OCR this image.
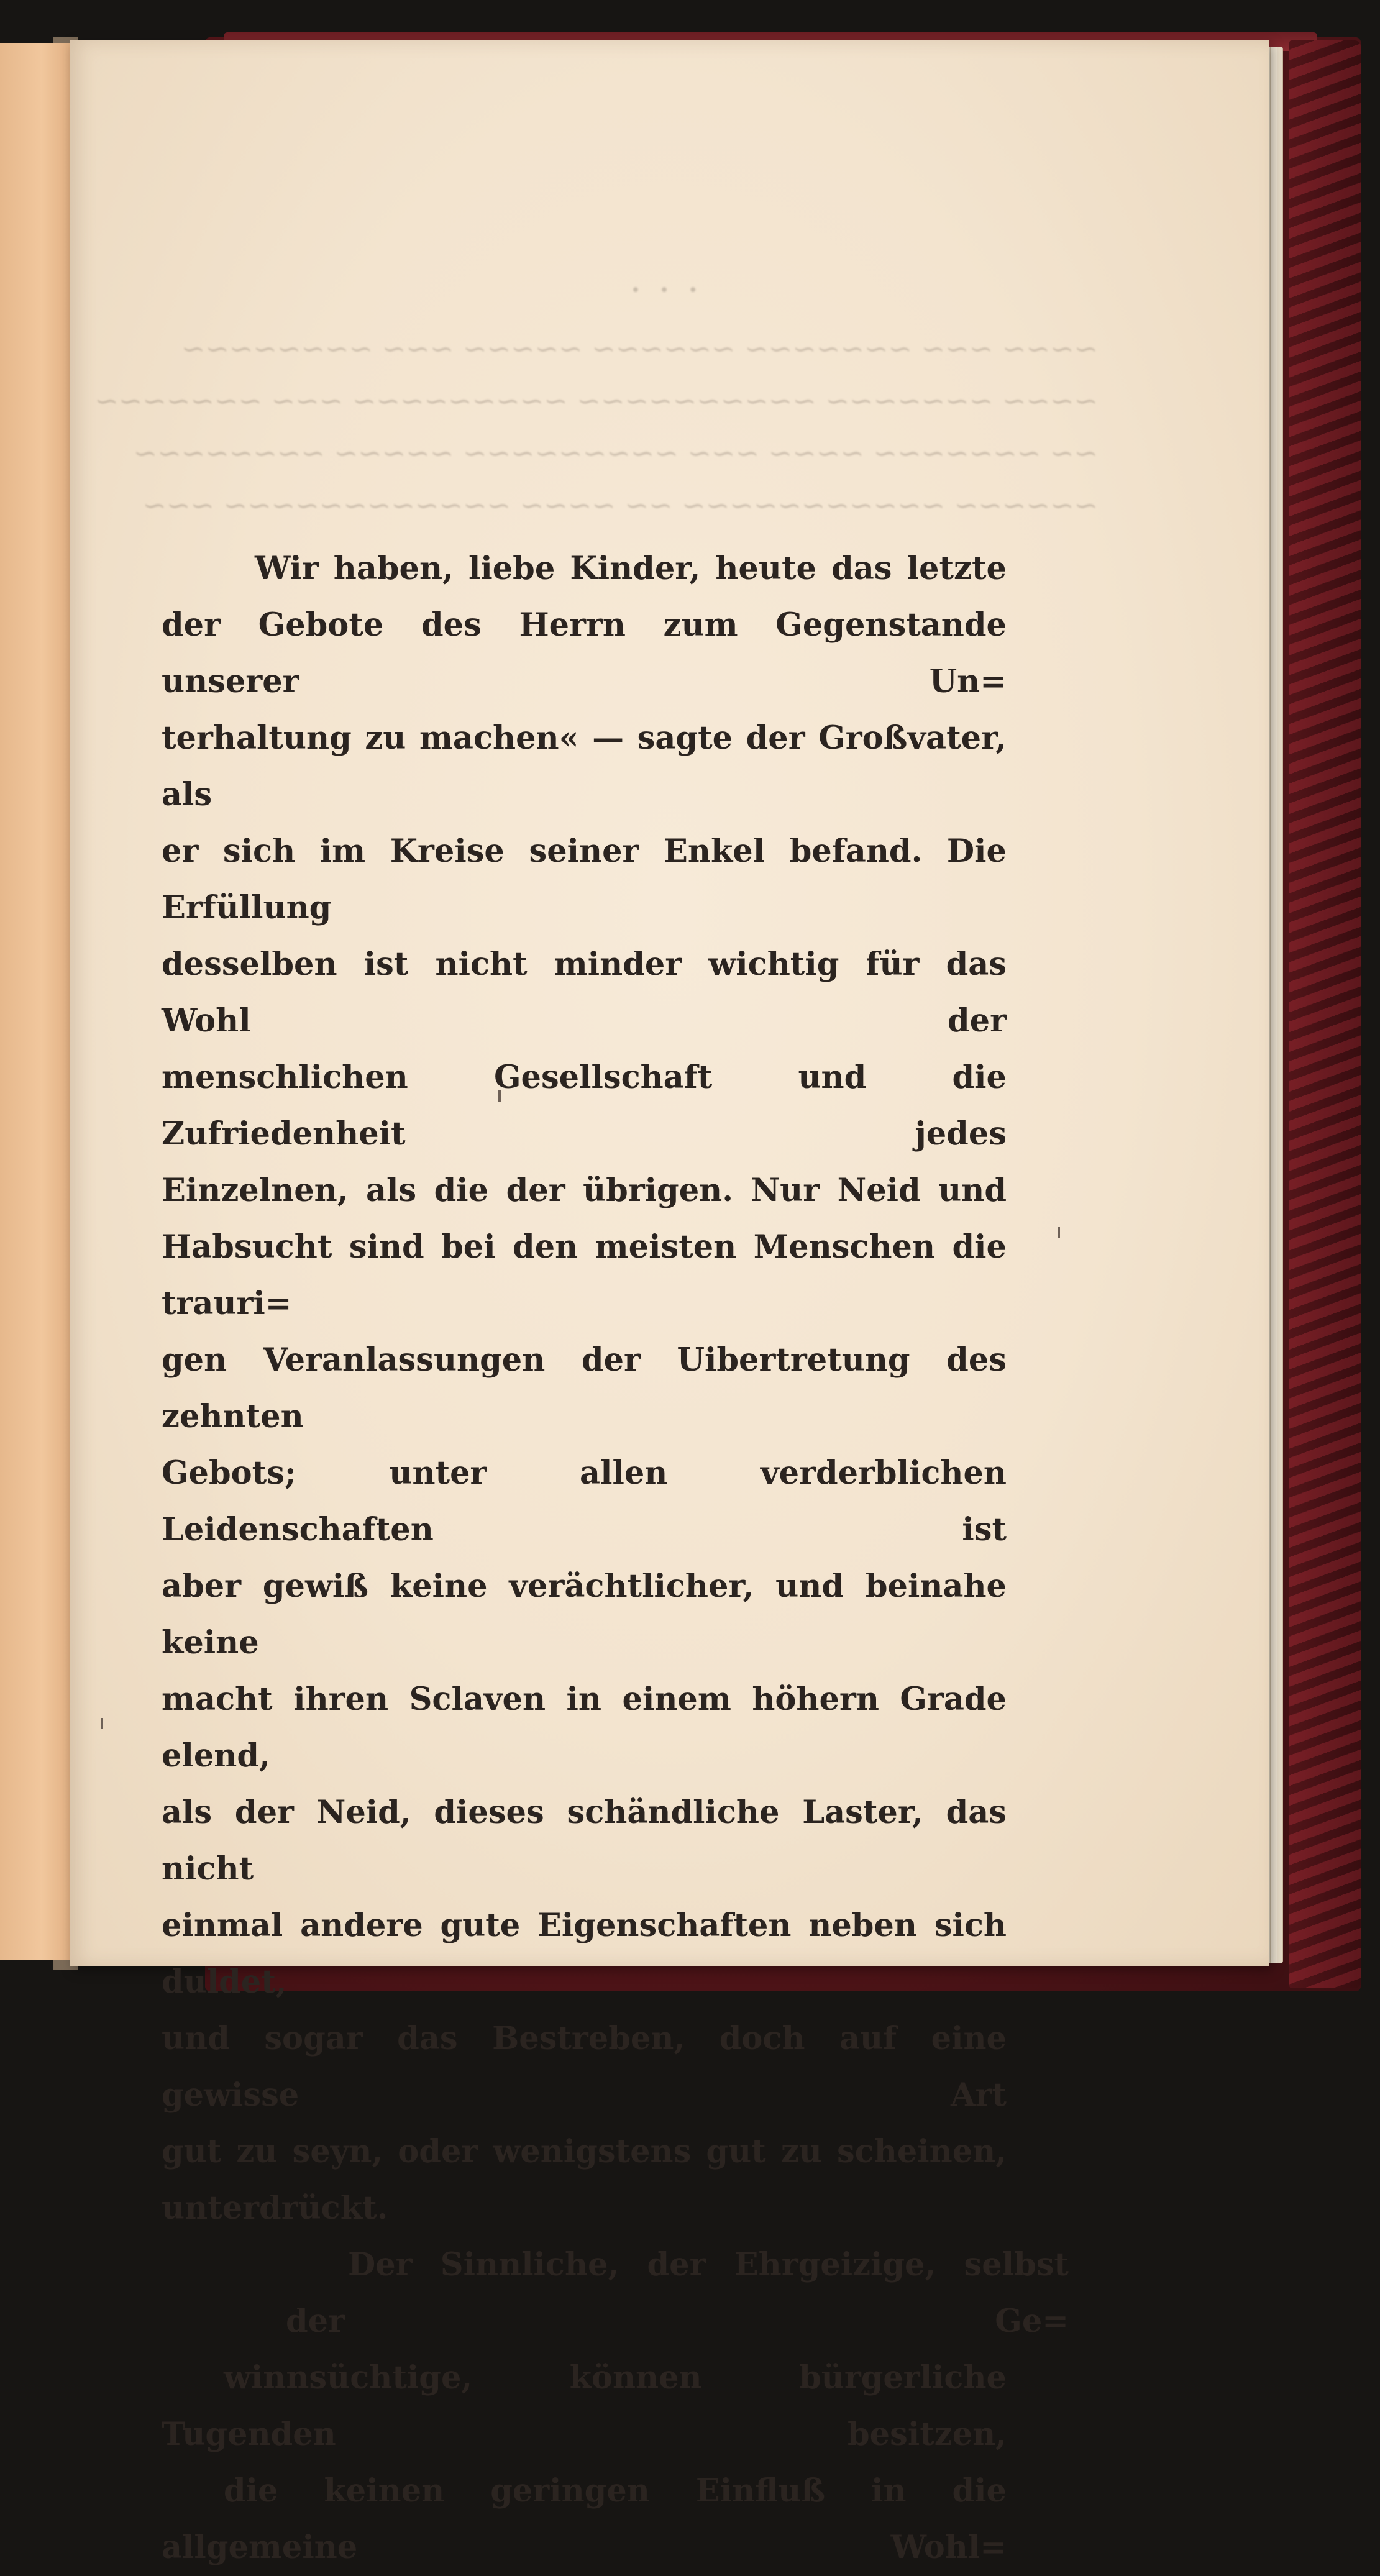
· · ·
~~~~ ~~~ ~~~~~~~ ~~~~~~ ~~~~~ ~~~ ~~~~~~~~
~~~~ ~~~~~~~ ~~~~~~~~~~ ~~~~~~~~~ ~~~ ~~~~~~~
~~ ~~~~~~~ ~~~~ ~~~ ~~~~~~~~~ ~~~~~ ~~~~~~~~
~~~~~~ ~~~~~~~~~~~ ~~ ~~~~ ~~~~~~~~~~~~ ~~~

Wir haben, liebe Kinder, heute das letzte
der Gebote des Herrn zum Gegenstande unserer Un=
terhaltung zu machen« — sagte der Großvater, als
er sich im Kreise seiner Enkel befand. Die Erfüllung
desselben ist nicht minder wichtig für das Wohl der
menschlichen Gesellschaft und die Zufriedenheit jedes
Einzelnen, als die der übrigen. Nur Neid und
Habsucht sind bei den meisten Menschen die trauri=
gen Veranlassungen der Uibertretung des zehnten
Gebots; unter allen verderblichen Leidenschaften ist
aber gewiß keine verächtlicher, und beinahe keine
macht ihren Sclaven in einem höhern Grade elend,
als der Neid, dieses schändliche Laster, das nicht
einmal andere gute Eigenschaften neben sich duldet,
und sogar das Bestreben, doch auf eine gewisse Art
gut zu seyn, oder wenigstens gut zu scheinen,
unterdrückt.

Der Sinnliche, der Ehrgeizige, selbst der Ge=
winnsüchtige, können bürgerliche Tugenden besitzen,
die keinen geringen Einfluß in die allgemeine Wohl=
